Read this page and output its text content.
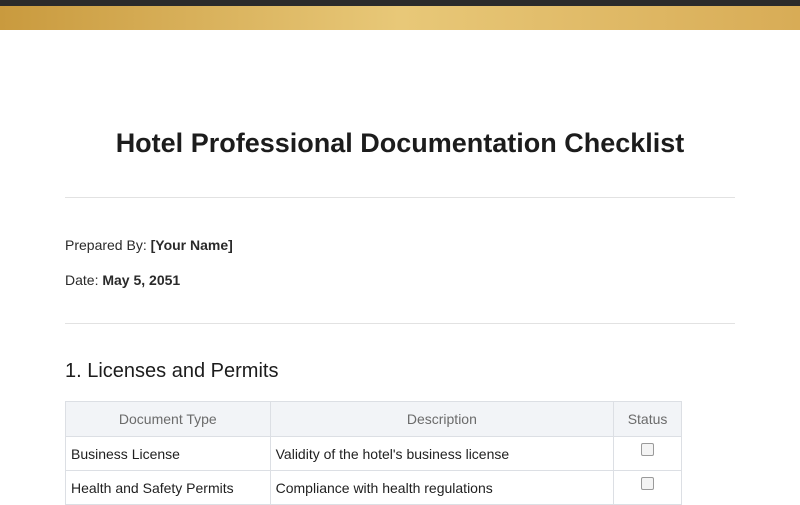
Hotel Professional Documentation Checklist
Prepared By: [Your Name]
Date: May 5, 2051
1. Licenses and Permits
Document Type	Description	Status
Business License	Validity of the hotel's business license	
Health and Safety Permits	Compliance with health regulations	
